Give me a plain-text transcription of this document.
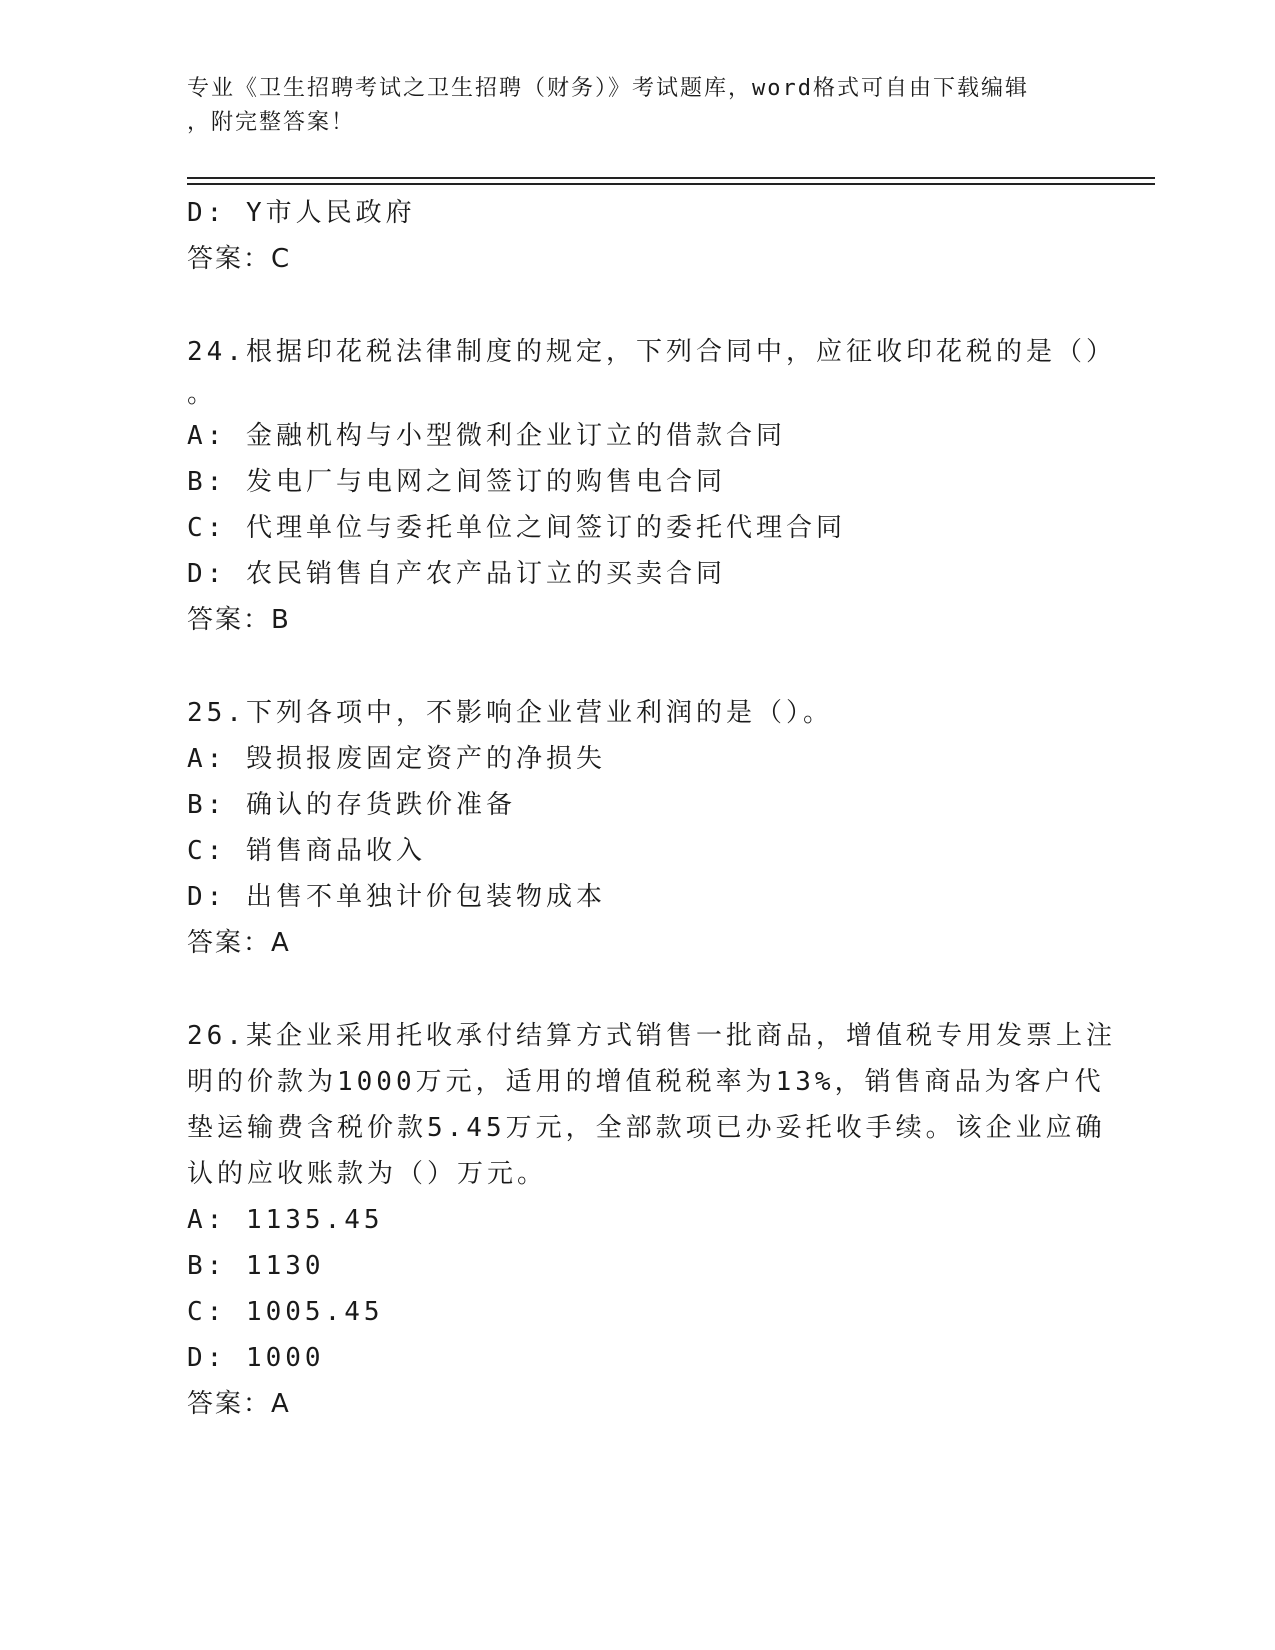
专业《卫生招聘考试之卫生招聘（财务）》考试题库，word格式可自由下载编辑
，附完整答案！
D: Y市人民政府
答案：C
24.根据印花税法律制度的规定，下列合同中，应征收印花税的是（）
。
A: 金融机构与小型微利企业订立的借款合同
B: 发电厂与电网之间签订的购售电合同
C: 代理单位与委托单位之间签订的委托代理合同
D: 农民销售自产农产品订立的买卖合同
答案：B
25.下列各项中，不影响企业营业利润的是（）。
A: 毁损报废固定资产的净损失
B: 确认的存货跌价准备
C: 销售商品收入
D: 出售不单独计价包装物成本
答案：A
26.某企业采用托收承付结算方式销售一批商品，增值税专用发票上注
明的价款为1000万元，适用的增值税税率为13%，销售商品为客户代
垫运输费含税价款5.45万元，全部款项已办妥托收手续。该企业应确
认的应收账款为（）万元。
A: 1135.45
B: 1130
C: 1005.45
D: 1000
答案：A
